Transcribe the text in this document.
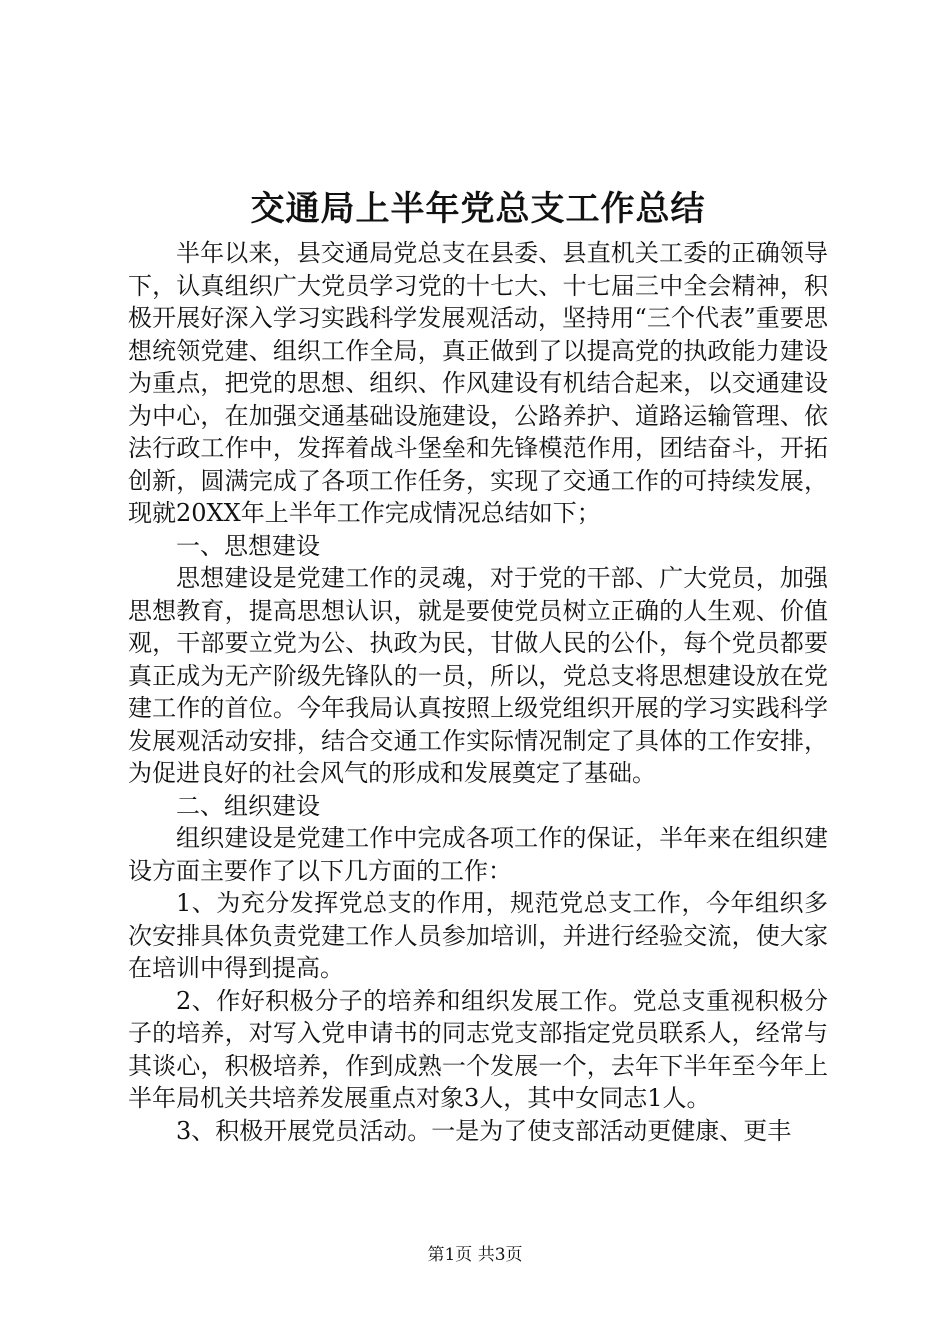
交通局上半年党总支工作总结

半年以来，县交通局党总支在县委、县直机关工委的正确领导下，认真组织广大党员学习党的十七大、十七届三中全会精神，积极开展好深入学习实践科学发展观活动，坚持用“三个代表”重要思想统领党建、组织工作全局，真正做到了以提高党的执政能力建设为重点，把党的思想、组织、作风建设有机结合起来，以交通建设为中心，在加强交通基础设施建设，公路养护、道路运输管理、依法行政工作中，发挥着战斗堡垒和先锋模范作用，团结奋斗，开拓创新，圆满完成了各项工作任务，实现了交通工作的可持续发展，现就20XX年上半年工作完成情况总结如下；

一、思想建设

思想建设是党建工作的灵魂，对于党的干部、广大党员，加强思想教育，提高思想认识，就是要使党员树立正确的人生观、价值观，干部要立党为公、执政为民，甘做人民的公仆，每个党员都要真正成为无产阶级先锋队的一员，所以，党总支将思想建设放在党建工作的首位。今年我局认真按照上级党组织开展的学习实践科学发展观活动安排，结合交通工作实际情况制定了具体的工作安排，为促进良好的社会风气的形成和发展奠定了基础。

二、组织建设

组织建设是党建工作中完成各项工作的保证，半年来在组织建设方面主要作了以下几方面的工作：

1、为充分发挥党总支的作用，规范党总支工作，今年组织多次安排具体负责党建工作人员参加培训，并进行经验交流，使大家在培训中得到提高。

2、作好积极分子的培养和组织发展工作。党总支重视积极分子的培养，对写入党申请书的同志党支部指定党员联系人，经常与其谈心，积极培养，作到成熟一个发展一个，去年下半年至今年上半年局机关共培养发展重点对象3人，其中女同志1人。

3、积极开展党员活动。一是为了使支部活动更健康、更丰

第1页 共3页
